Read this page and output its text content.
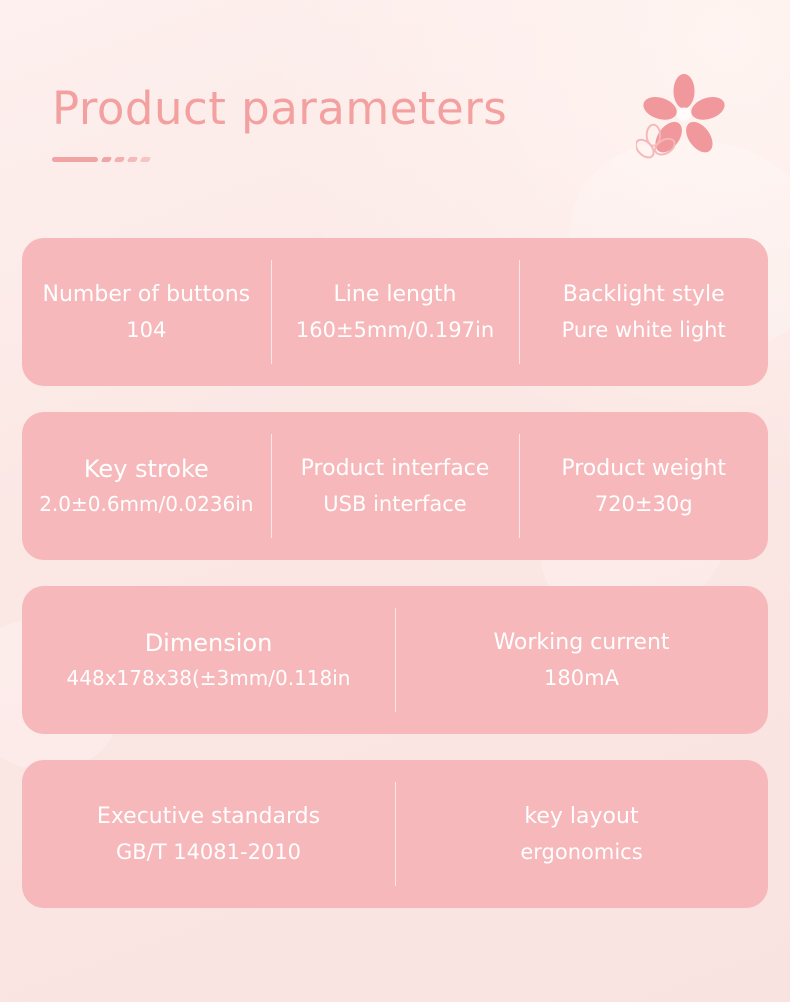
Product parameters
Number of buttons
104
Line length
160±5mm/0.197in
Backlight style
Pure white light
Key stroke
2.0±0.6mm/0.0236in
Product interface
USB interface
Product weight
720±30g
Dimension
448x178x38(±3mm/0.118in
Working current
180mA
Executive standards
GB/T 14081-2010
key layout
ergonomics
